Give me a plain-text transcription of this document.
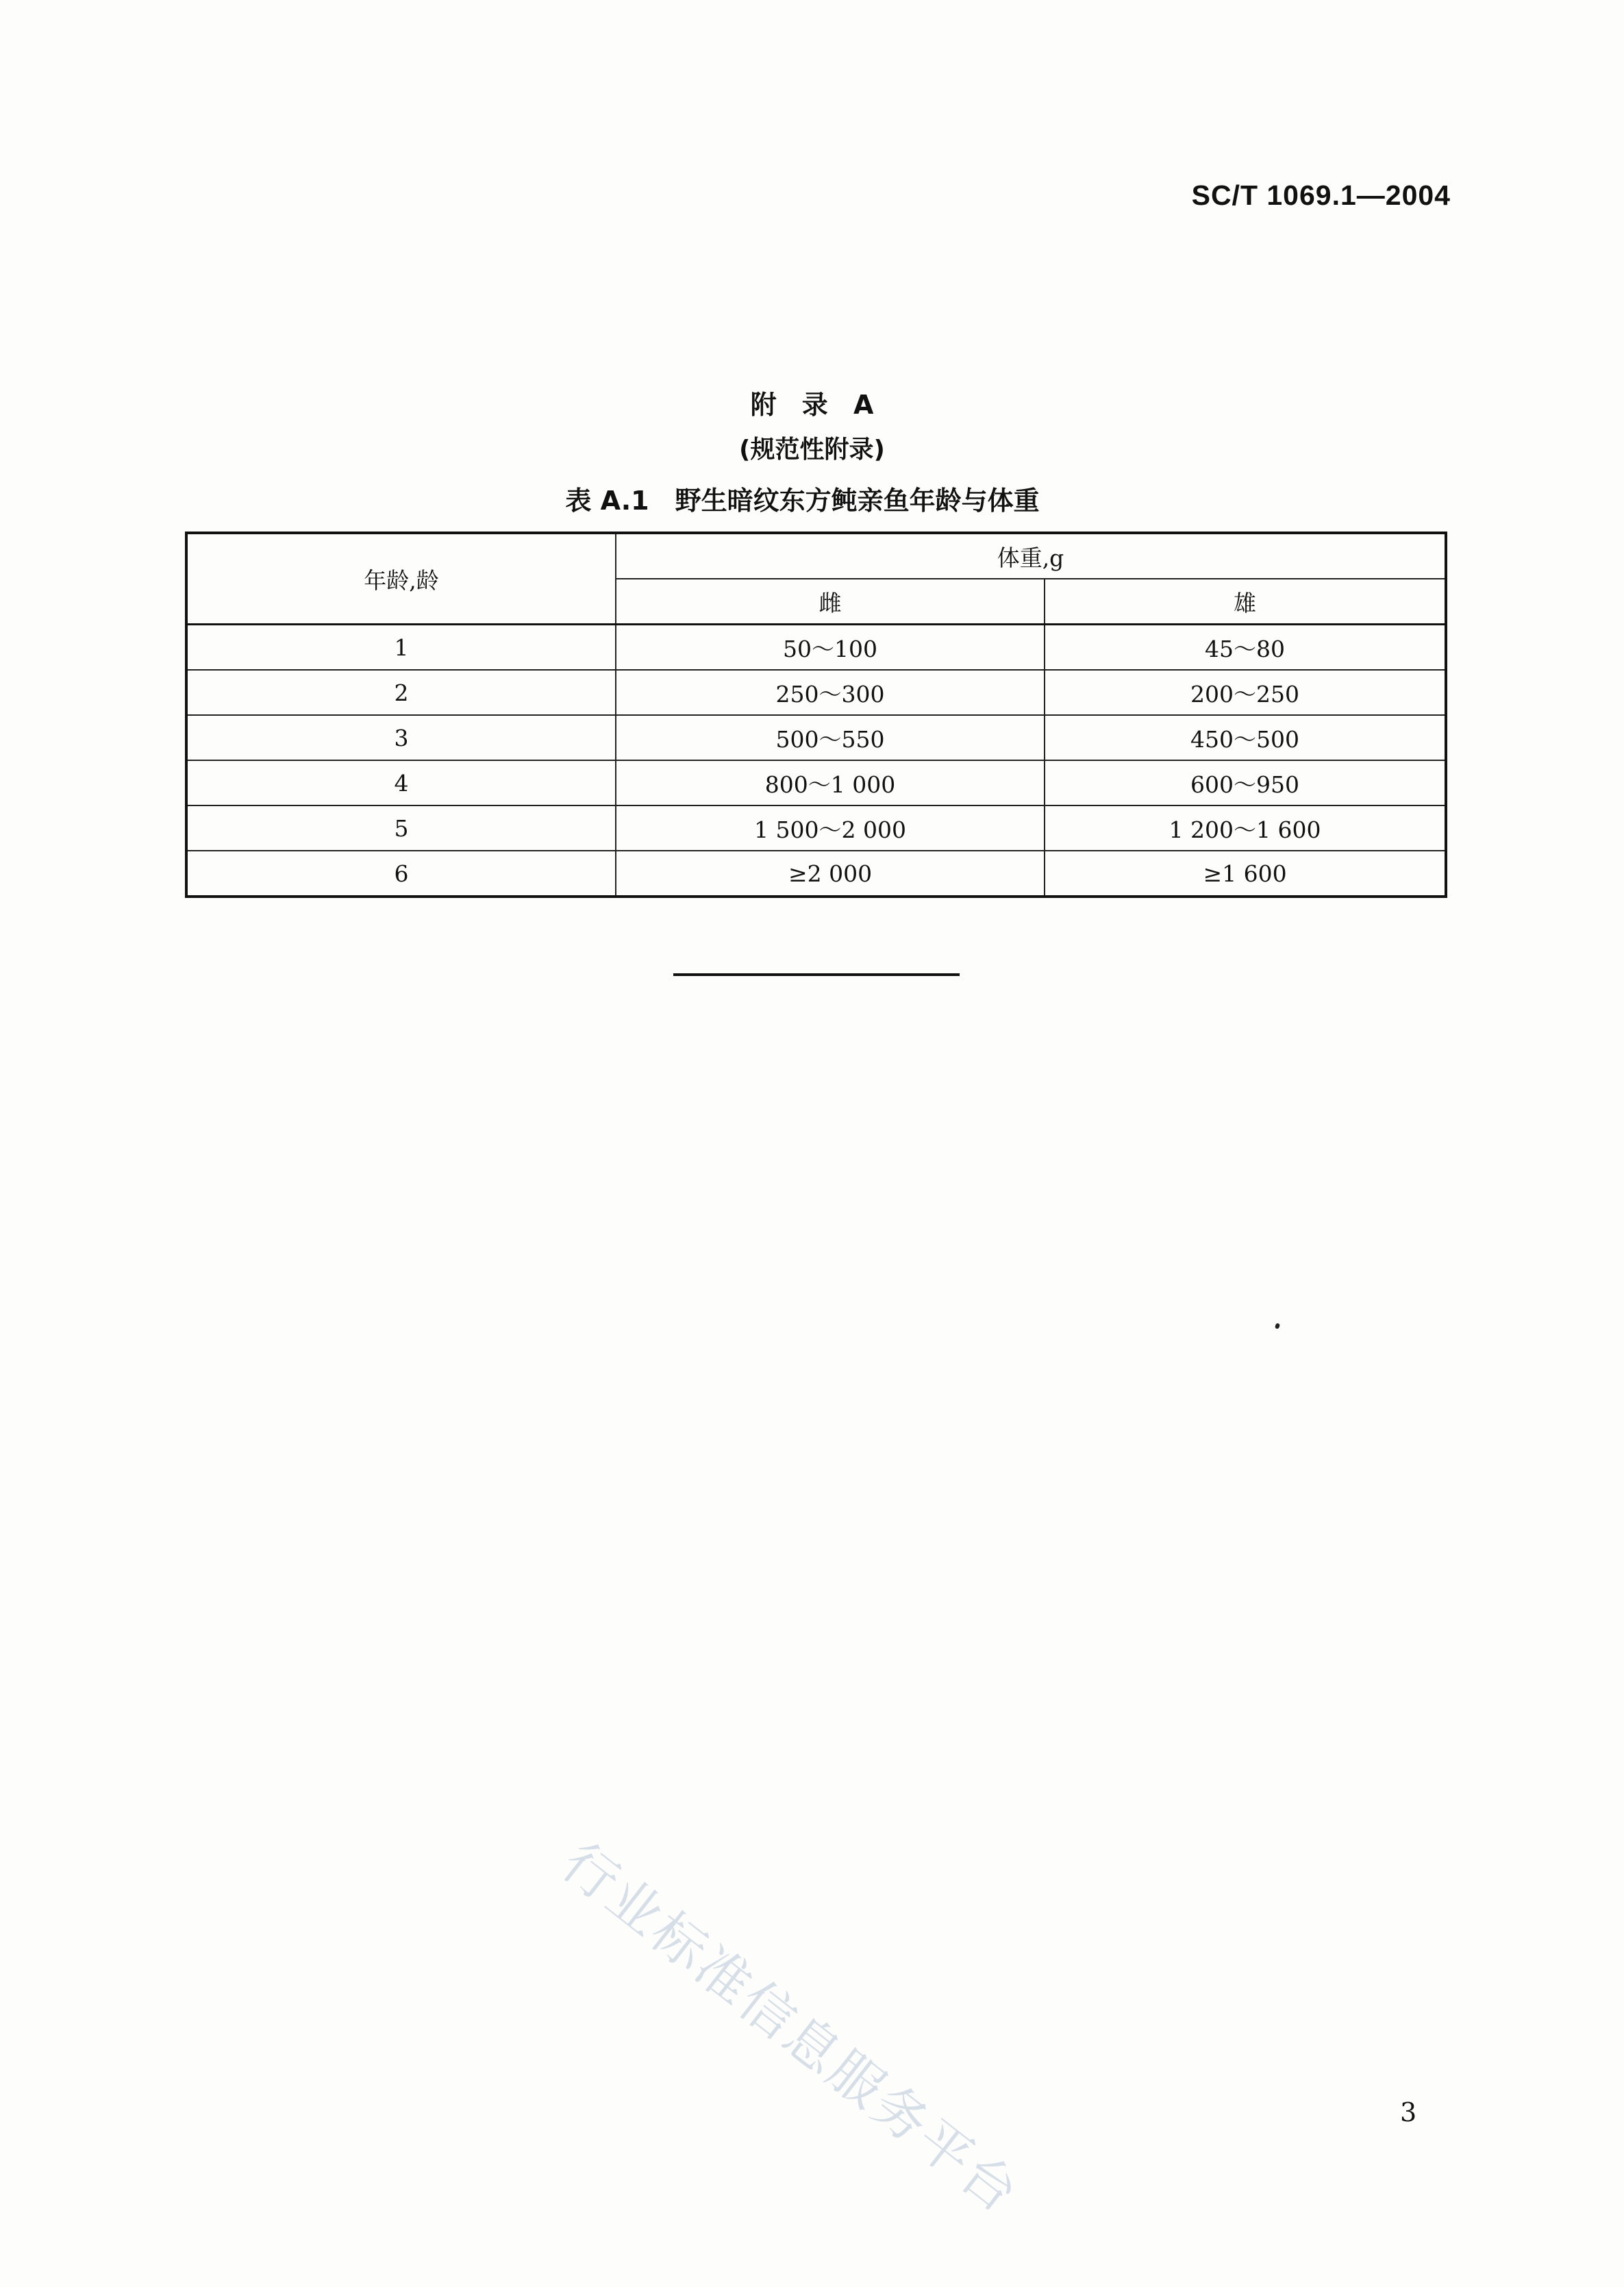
SC/T 1069.1—2004
附 录 A
(规范性附录)
表 A.1 野生暗纹东方鲀亲鱼年龄与体重
年龄,龄	体重,g	
	雌	雄
1	50～100	45～80
2	250～300	200～250
3	500～550	450～500
4	800～1 000	600～950
5	1 500～2 000	1 200～1 600
6	≥2 000	≥1 600
行业标准信息服务平台	3
